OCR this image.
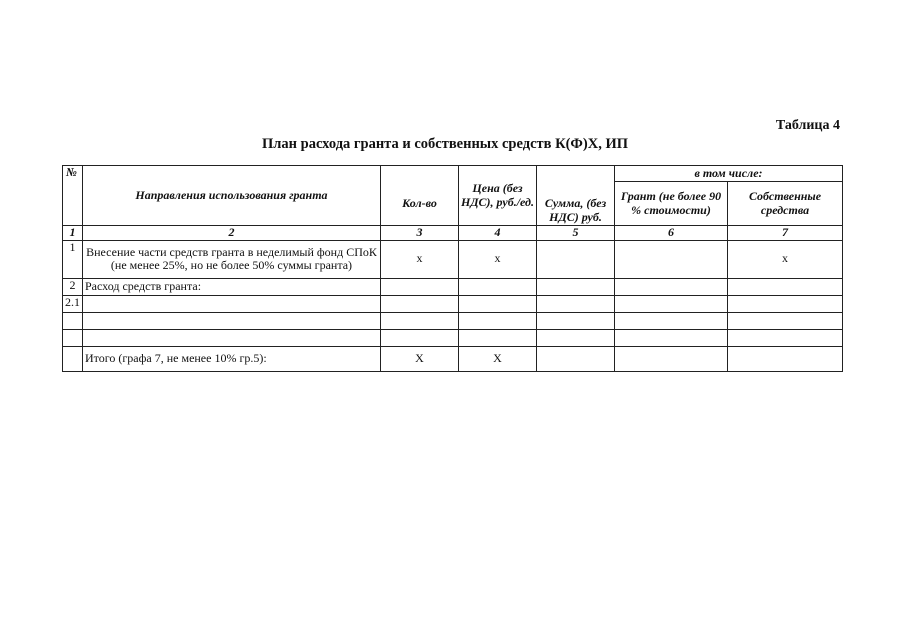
Таблица 4
План расхода гранта и собственных средств К(Ф)Х, ИП
№	Направления использования гранта	Кол-во	Цена (без НДС), руб./ед.	Сумма, (без НДС) руб.	в том числе:	
					Грант (не более 90 % стоимости)	Собственные средства
1	2	3	4	5	6	7
1	Внесение части средств гранта в неделимый фонд СПоК (не менее 25%, но не более 50% суммы гранта)	х	х			х
2	Расход средств гранта:					
2.1						

	Итого (графа 7, не менее 10% гр.5):	Х	Х			
